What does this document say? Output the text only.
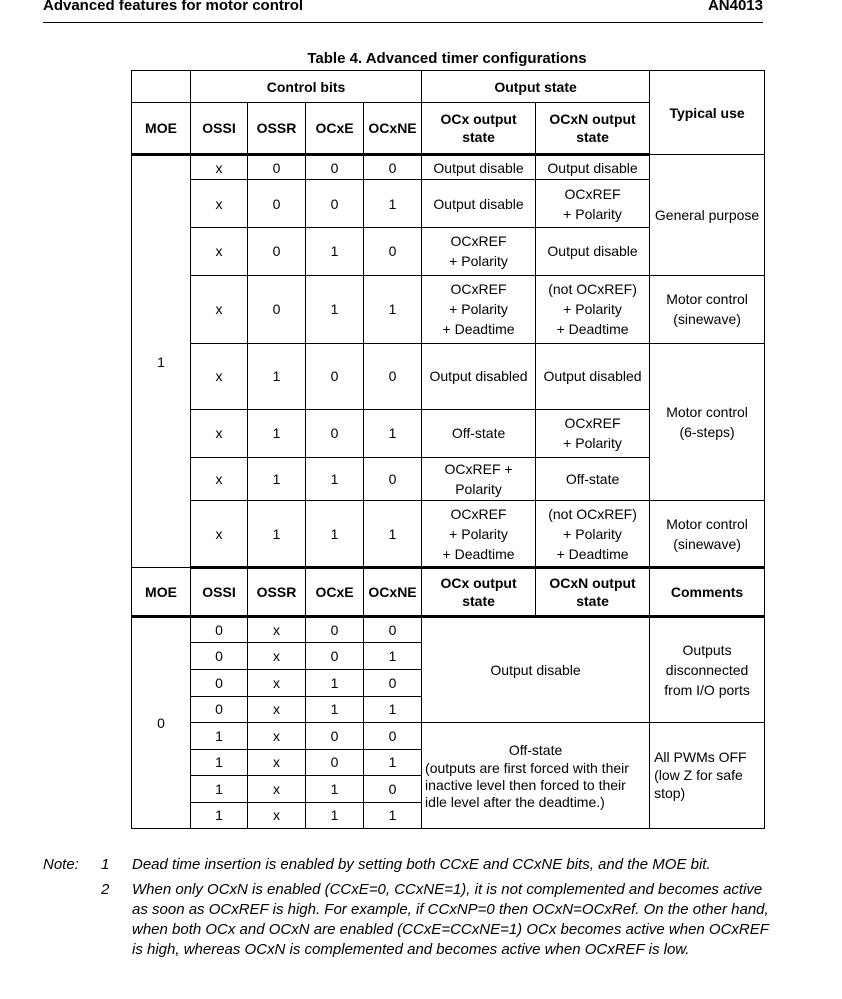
Advanced features for motor control	AN4013
Table 4. Advanced timer configurations
	Control bits				Output state		Typical use
MOE	OSSI	OSSR	OCxE	OCxNE	OCx output state	OCxN output state	
1	x	0	0	0	Output disable	Output disable	General purpose
	x	0	0	1	Output disable	OCxREF
+ Polarity	
	x	0	1	0	OCxREF
+ Polarity	Output disable	
	x	0	1	1	OCxREF
+ Polarity
+ Deadtime	(not OCxREF)
+ Polarity
+ Deadtime	Motor control
(sinewave)
	x	1	0	0	Output disabled	Output disabled	Motor control
(6-steps)
	x	1	0	1	Off-state	OCxREF
+ Polarity	
	x	1	1	0	OCxREF +
Polarity	Off-state	
	x	1	1	1	OCxREF
+ Polarity
+ Deadtime	(not OCxREF)
+ Polarity
+ Deadtime	Motor control
(sinewave)
MOE	OSSI	OSSR	OCxE	OCxNE	OCx output state	OCxN output state	Comments
0	0	x	0	0	Output disable		Outputs
disconnected
from I/O ports
	0	x	0	1			
	0	x	1	0			
	0	x	1	1			
	1	x	0	0	Off-state
(outputs are first forced with their inactive level then forced to their idle level after the deadtime.)		All PWMs OFF
(low Z for safe
stop)
	1	x	0	1			
	1	x	1	0			
	1	x	1	1			
Note: 1 Dead time insertion is enabled by setting both CCxE and CCxNE bits, and the MOE bit.
2 When only OCxN is enabled (CCxE=0, CCxNE=1), it is not complemented and becomes active as soon as OCxREF is high. For example, if CCxNP=0 then OCxN=OCxRef. On the other hand, when both OCx and OCxN are enabled (CCxE=CCxNE=1) OCx becomes active when OCxREF is high, whereas OCxN is complemented and becomes active when OCxREF is low.
